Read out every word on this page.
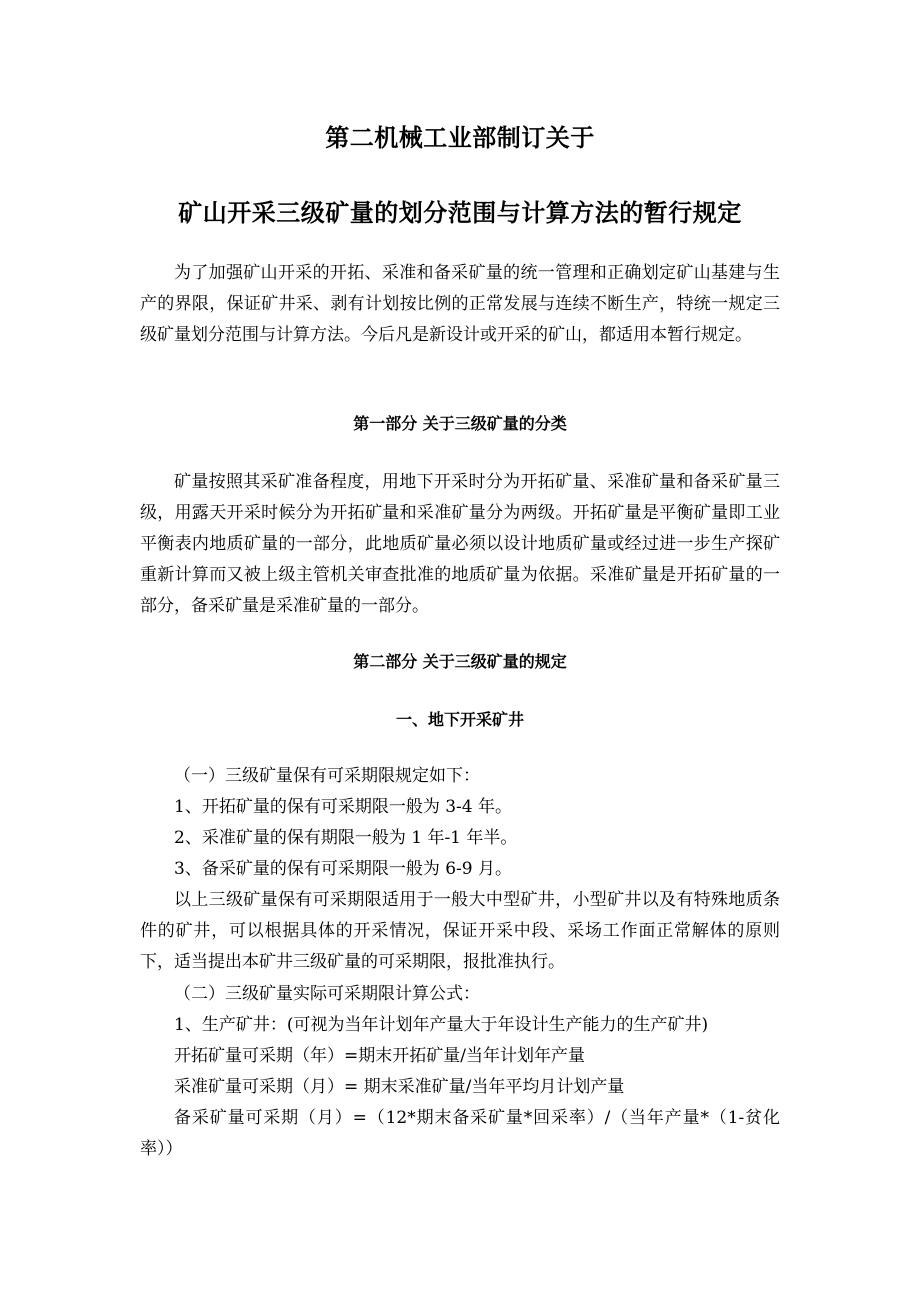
第二机械工业部制订关于
矿山开采三级矿量的划分范围与计算方法的暂行规定
为了加强矿山开采的开拓、采准和备采矿量的统一管理和正确划定矿山基建与生产的界限，保证矿井采、剥有计划按比例的正常发展与连续不断生产，特统一规定三级矿量划分范围与计算方法。今后凡是新设计或开采的矿山，都适用本暂行规定。
第一部分 关于三级矿量的分类
矿量按照其采矿准备程度，用地下开采时分为开拓矿量、采准矿量和备采矿量三级，用露天开采时候分为开拓矿量和采准矿量分为两级。开拓矿量是平衡矿量即工业平衡表内地质矿量的一部分，此地质矿量必须以设计地质矿量或经过进一步生产探矿重新计算而又被上级主管机关审查批准的地质矿量为依据。采准矿量是开拓矿量的一部分，备采矿量是采准矿量的一部分。
第二部分 关于三级矿量的规定
一、地下开采矿井
（一）三级矿量保有可采期限规定如下：
1、开拓矿量的保有可采期限一般为 3-4 年。
2、采准矿量的保有期限一般为 1 年-1 年半。
3、备采矿量的保有可采期限一般为 6-9 月。
以上三级矿量保有可采期限适用于一般大中型矿井，小型矿井以及有特殊地质条件的矿井，可以根据具体的开采情况，保证开采中段、采场工作面正常解体的原则下，适当提出本矿井三级矿量的可采期限，报批准执行。
（二）三级矿量实际可采期限计算公式：
1、生产矿井：(可视为当年计划年产量大于年设计生产能力的生产矿井)
开拓矿量可采期（年）=期末开拓矿量/当年计划年产量
采准矿量可采期（月）= 期末采准矿量/当年平均月计划产量
备采矿量可采期（月）=（12*期末备采矿量*回采率）/（当年产量*（1-贫化率））
